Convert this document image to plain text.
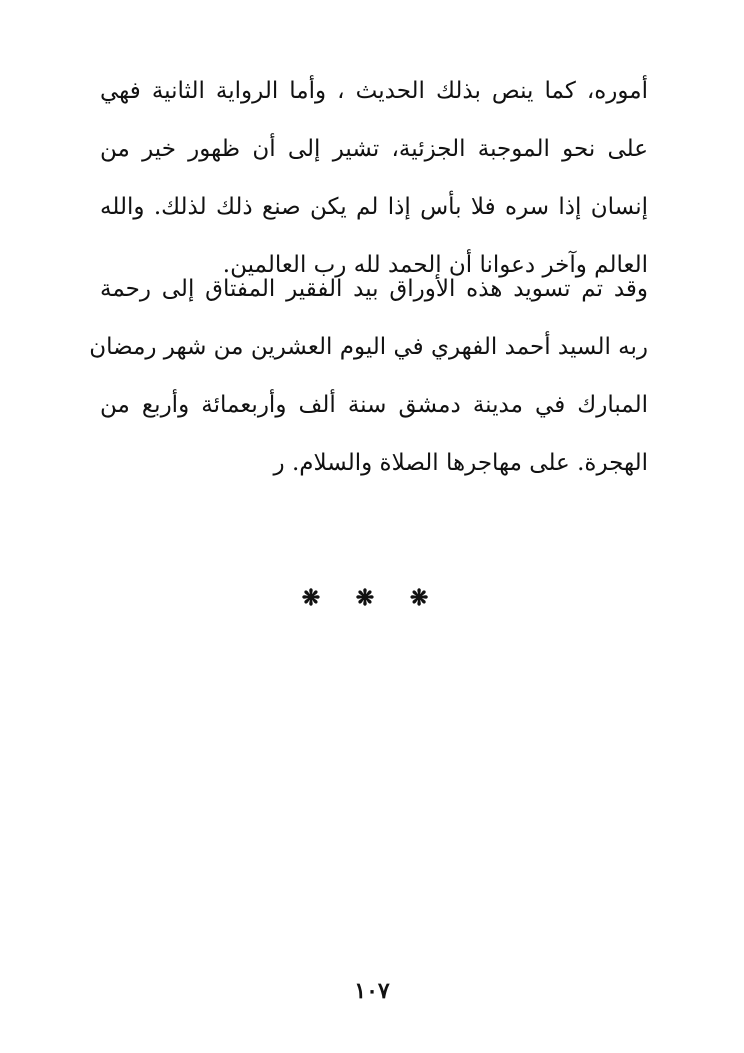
أموره، كما ينص بذلك الحديث ، وأما الرواية الثانية فهي
على نحو الموجبة الجزئية، تشير إلى أن ظهور خير من
إنسان إذا سره فلا بأس إذا لم يكن صنع ذلك لذلك. والله
العالم وآخر دعوانا أن الحمد لله رب العالمين.
وقد تم تسويد هذه الأوراق بيد الفقير المفتاق إلى رحمة
ربه السيد أحمد الفهري في اليوم العشرين من شهر رمضان
المبارك في مدينة دمشق سنة ألف وأربعمائة وأربع من
الهجرة. على مهاجرها الصلاة والسلام. ر
❋ ❋ ❋
١٠٧
